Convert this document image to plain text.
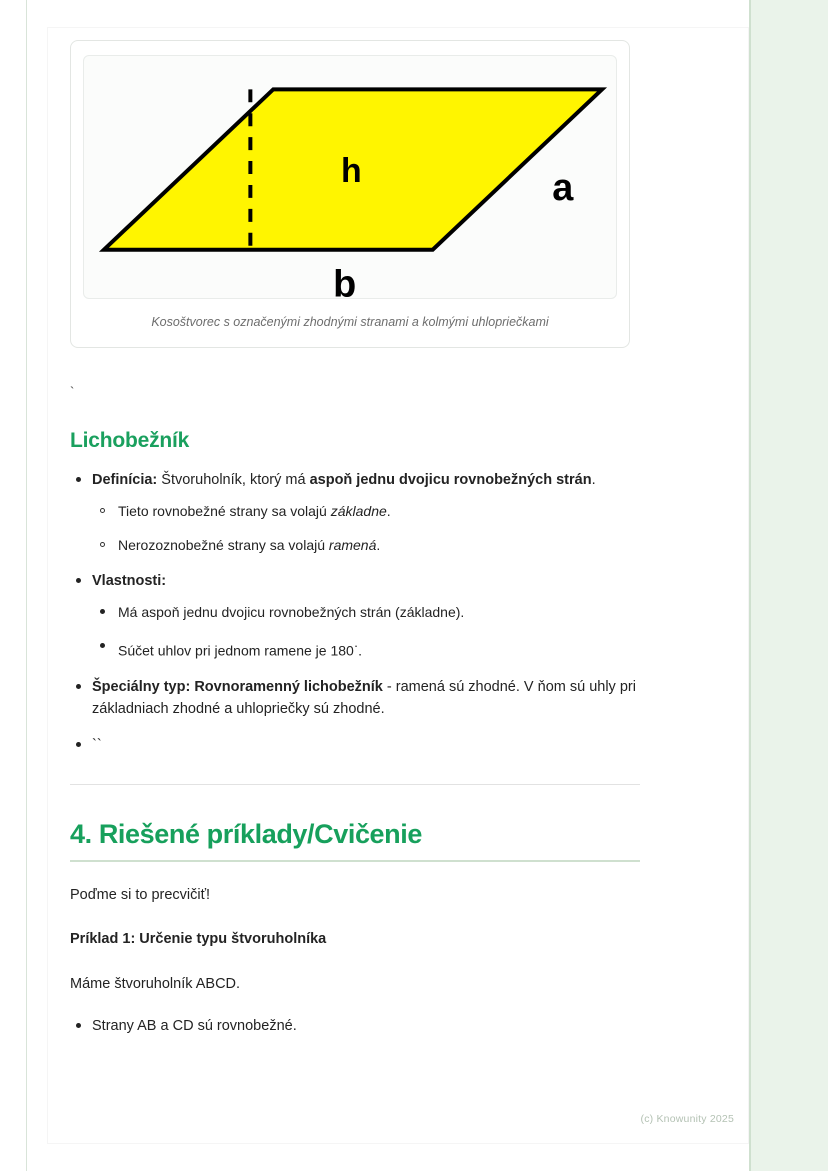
h	a
b
Kosoštvorec s označenými zhodnými stranami a kolmými uhlopriečkami
`
Lichobežník
Definícia: Štvoruholník, ktorý má aspoň jednu dvojicu rovnobežných strán.
Tieto rovnobežné strany sa volajú základne.
Nerozoznobežné strany sa volajú ramená.
Vlastnosti:
Má aspoň jednu dvojicu rovnobežných strán (základne).
Súčet uhlov pri jednom ramene je 180·.
Špeciálny typ: Rovnoramenný lichobežník - ramená sú zhodné. V ňom sú uhly pri základniach zhodné a uhlopriečky sú zhodné.
``
4. Riešené príklady/Cvičenie

Poďme si to precvičiť!

Príklad 1: Určenie typu štvoruholníka

Máme štvoruholník ABCD.

Strany AB a CD sú rovnobežné.
(c) Knowunity 2025
